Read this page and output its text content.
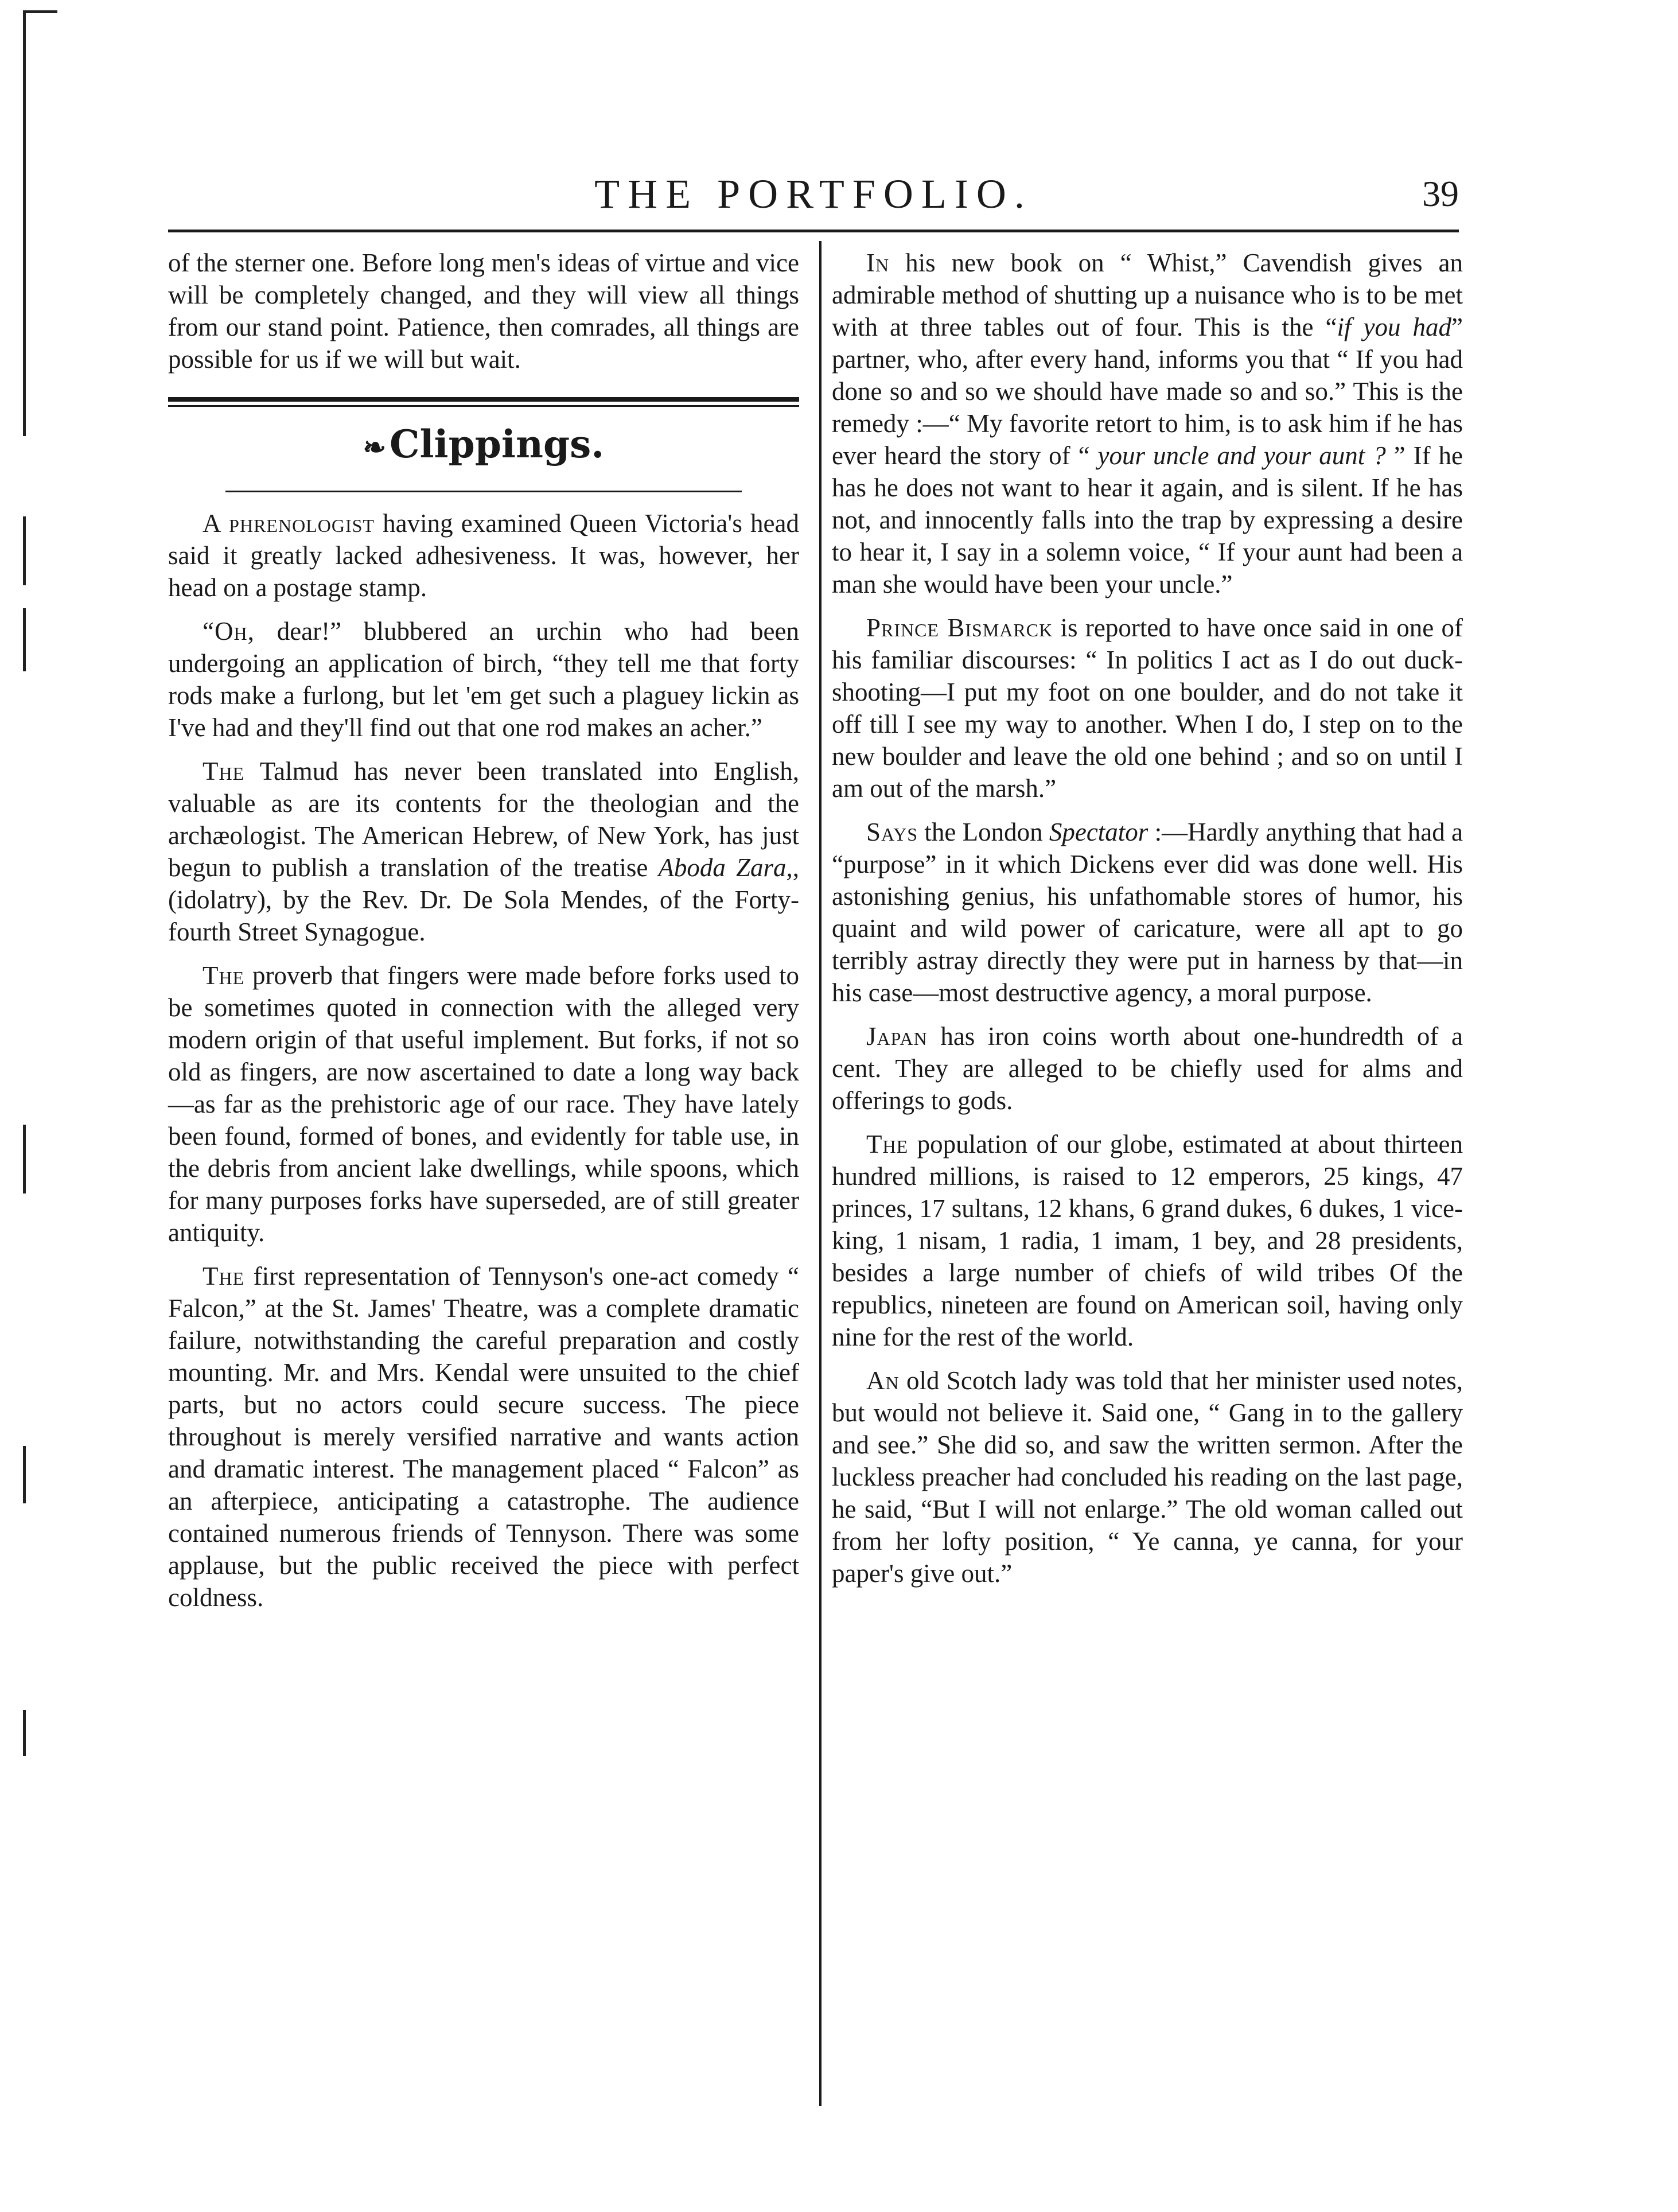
THE PORTFOLIO.	39

of the sterner one. Before long men's ideas of virtue and vice will be completely changed, and they will view all things from our stand point. Patience, then comrades, all things are possible for us if we will but wait.

❧Clippings.

A phrenologist having examined Queen Victoria's head said it greatly lacked adhesiveness. It was, however, her head on a postage stamp.

“Oh, dear!” blubbered an urchin who had been undergoing an application of birch, “they tell me that forty rods make a furlong, but let 'em get such a plaguey lickin as I've had and they'll find out that one rod makes an acher.”

The Talmud has never been translated into English, valuable as are its contents for the theologian and the archæologist. The American Hebrew, of New York, has just begun to publish a translation of the treatise Aboda Zara,, (idolatry), by the Rev. Dr. De Sola Mendes, of the Forty-fourth Street Synagogue.

The proverb that fingers were made before forks used to be sometimes quoted in connection with the alleged very modern origin of that useful implement. But forks, if not so old as fingers, are now ascertained to date a long way back—as far as the prehistoric age of our race. They have lately been found, formed of bones, and evidently for table use, in the debris from ancient lake dwellings, while spoons, which for many purposes forks have superseded, are of still greater antiquity.

The first representation of Tennyson's one-act comedy “ Falcon,” at the St. James' Theatre, was a complete dramatic failure, notwithstanding the careful preparation and costly mounting. Mr. and Mrs. Kendal were unsuited to the chief parts, but no actors could secure success. The piece throughout is merely versified narrative and wants action and dramatic interest. The management placed “ Falcon” as an afterpiece, anticipating a catastrophe. The audience contained numerous friends of Tennyson. There was some applause, but the public received the piece with perfect coldness.

In his new book on “ Whist,” Cavendish gives an admirable method of shutting up a nuisance who is to be met with at three tables out of four. This is the “if you had” partner, who, after every hand, informs you that “ If you had done so and so we should have made so and so.” This is the remedy :—“ My favorite retort to him, is to ask him if he has ever heard the story of “ your uncle and your aunt ? ” If he has he does not want to hear it again, and is silent. If he has not, and innocently falls into the trap by expressing a desire to hear it, I say in a solemn voice, “ If your aunt had been a man she would have been your uncle.”

Prince Bismarck is reported to have once said in one of his familiar discourses: “ In politics I act as I do out duck-shooting—I put my foot on one boulder, and do not take it off till I see my way to another. When I do, I step on to the new boulder and leave the old one behind ; and so on until I am out of the marsh.”

Says the London Spectator :—Hardly anything that had a “purpose” in it which Dickens ever did was done well. His astonishing genius, his unfathomable stores of humor, his quaint and wild power of caricature, were all apt to go terribly astray directly they were put in harness by that—in his case—most destructive agency, a moral purpose.

Japan has iron coins worth about one-hundredth of a cent. They are alleged to be chiefly used for alms and offerings to gods.

The population of our globe, estimated at about thirteen hundred millions, is raised to 12 emperors, 25 kings, 47 princes, 17 sultans, 12 khans, 6 grand dukes, 6 dukes, 1 vice-king, 1 nisam, 1 radia, 1 imam, 1 bey, and 28 presidents, besides a large number of chiefs of wild tribes Of the republics, nineteen are found on American soil, having only nine for the rest of the world.

An old Scotch lady was told that her minister used notes, but would not believe it. Said one, “ Gang in to the gallery and see.” She did so, and saw the written sermon. After the luckless preacher had concluded his reading on the last page, he said, “But I will not enlarge.” The old woman called out from her lofty position, “ Ye canna, ye canna, for your paper's give out.”
